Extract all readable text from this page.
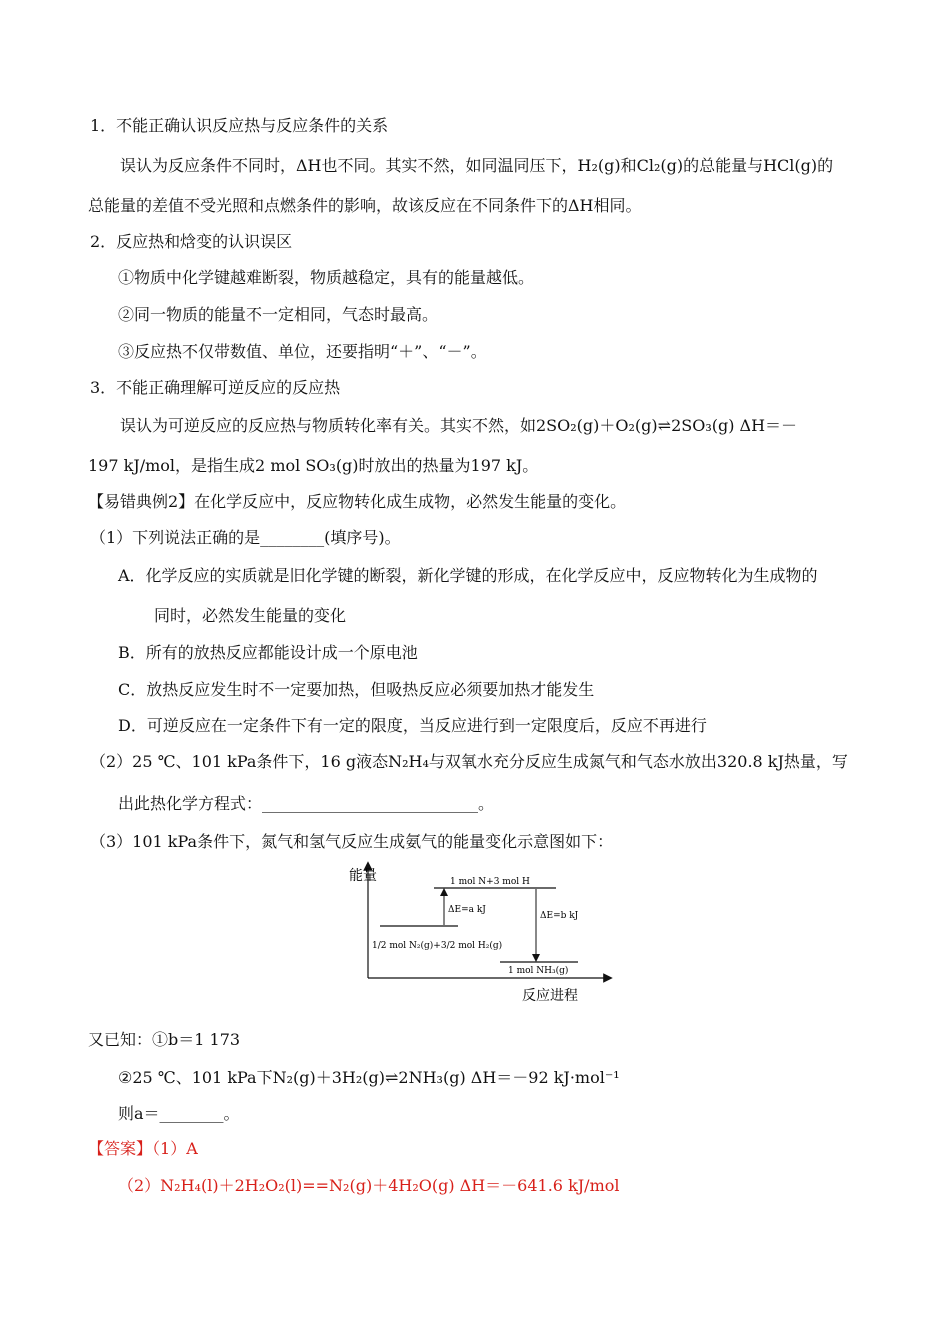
1．不能正确认识反应热与反应条件的关系
误认为反应条件不同时，ΔH也不同。其实不然，如同温同压下，H₂(g)和Cl₂(g)的总能量与HCl(g)的
总能量的差值不受光照和点燃条件的影响，故该反应在不同条件下的ΔH相同。
2．反应热和焓变的认识误区
①物质中化学键越难断裂，物质越稳定，具有的能量越低。
②同一物质的能量不一定相同，气态时最高。
③反应热不仅带数值、单位，还要指明“＋”、“－”。
3．不能正确理解可逆反应的反应热
误认为可逆反应的反应热与物质转化率有关。其实不然，如2SO₂(g)＋O₂(g)⇌2SO₃(g) ΔH＝－
197 kJ/mol，是指生成2 mol SO₃(g)时放出的热量为197 kJ。
【易错典例2】在化学反应中，反应物转化成生成物，必然发生能量的变化。
（1）下列说法正确的是________(填序号)。
A．化学反应的实质就是旧化学键的断裂，新化学键的形成，在化学反应中，反应物转化为生成物的
同时，必然发生能量的变化
B．所有的放热反应都能设计成一个原电池
C．放热反应发生时不一定要加热，但吸热反应必须要加热才能发生
D．可逆反应在一定条件下有一定的限度，当反应进行到一定限度后，反应不再进行
（2）25 ℃、101 kPa条件下，16 g液态N₂H₄与双氧水充分反应生成氮气和气态水放出320.8 kJ热量，写
出此热化学方程式：___________________________。
（3）101 kPa条件下，氮气和氢气反应生成氨气的能量变化示意图如下：
能量
反应进程
1 mol N+3 mol H
1/2 mol N₂(g)+3/2 mol H₂(g)
1 mol NH₃(g)
ΔE=a kJ
ΔE=b kJ
又已知：①b＝1 173
②25 ℃、101 kPa下N₂(g)＋3H₂(g)⇌2NH₃(g) ΔH＝－92 kJ·mol⁻¹
则a＝________。
【答案】（1）A
（2）N₂H₄(l)＋2H₂O₂(l)==N₂(g)＋4H₂O(g) ΔH＝－641.6 kJ/mol
